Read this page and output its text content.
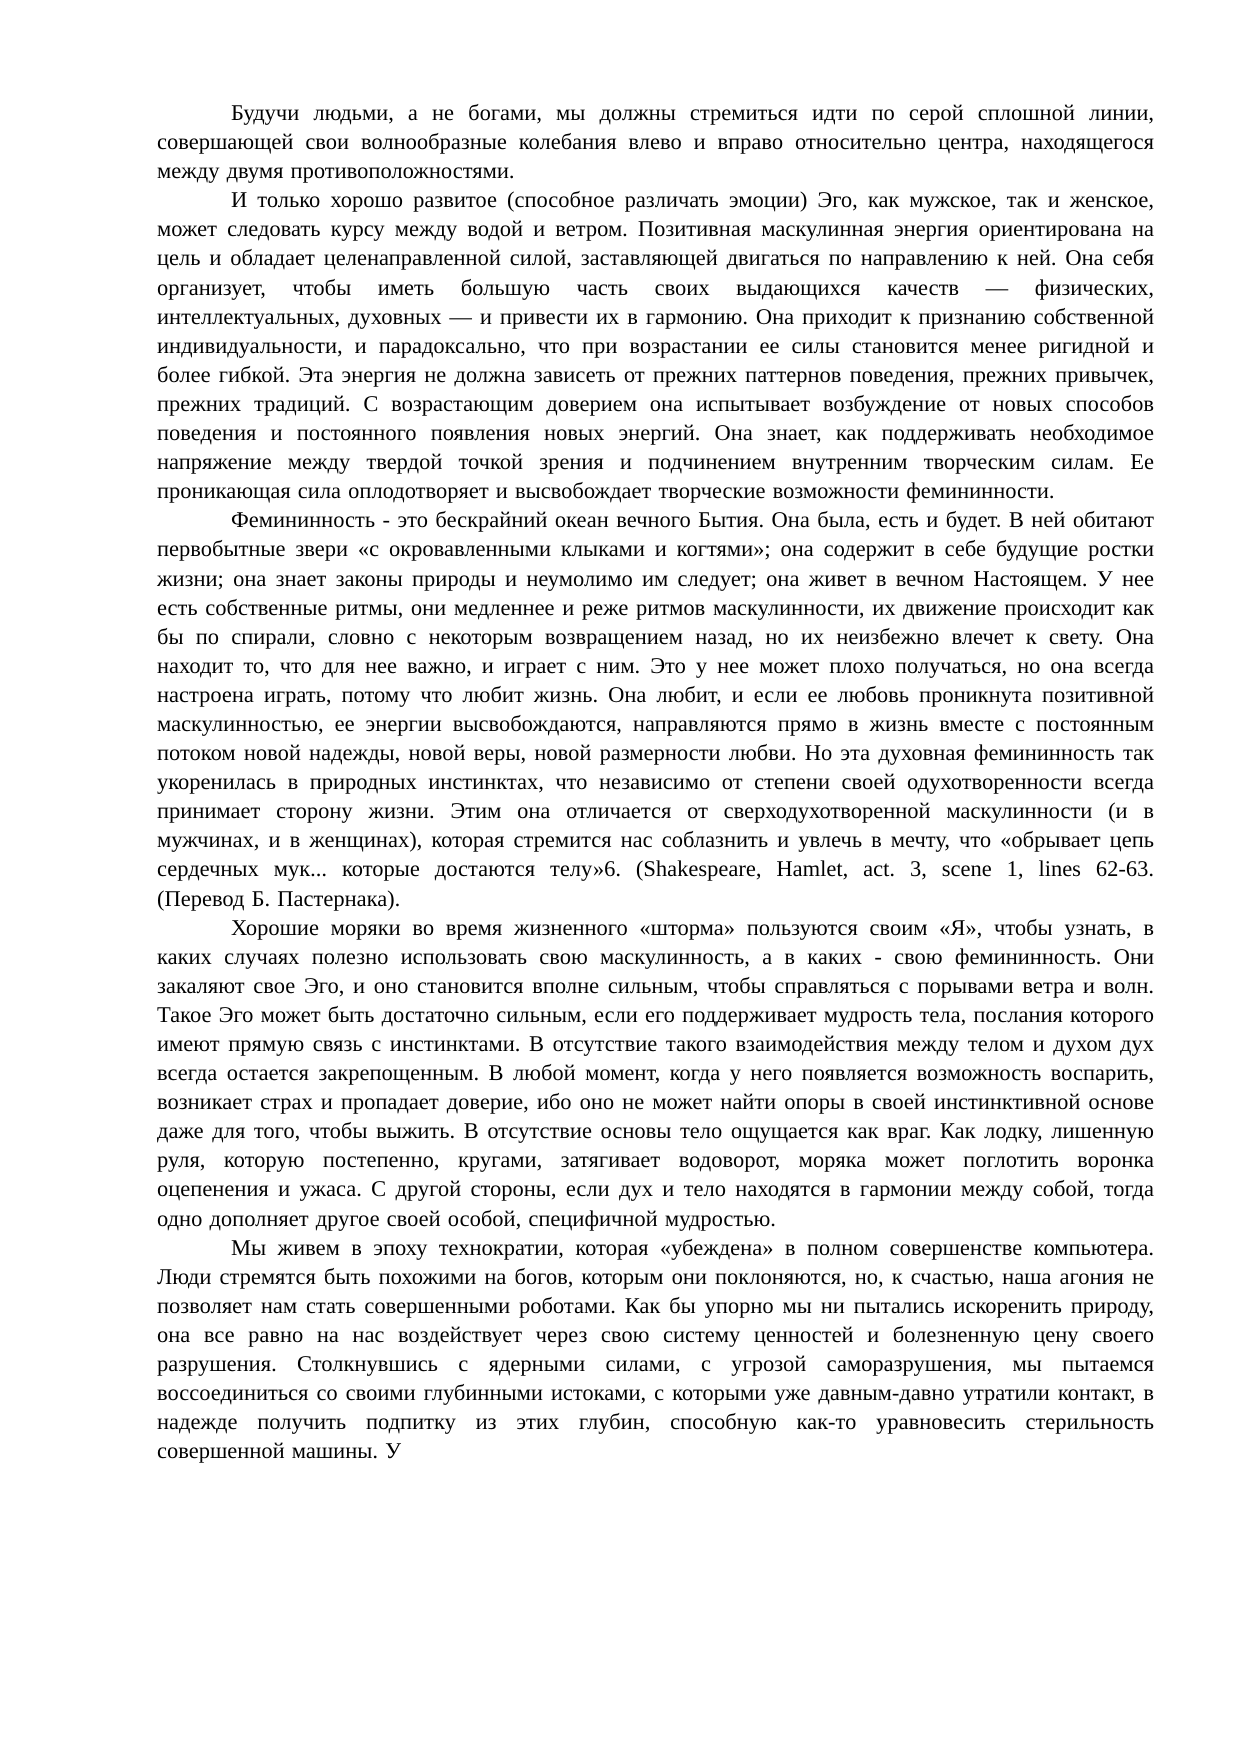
Будучи людьми, а не богами, мы должны стремиться идти по серой сплошной линии, совершающей свои волнообразные колебания влево и вправо относительно центра, находящегося между двумя противоположностями.

И только хорошо развитое (способное различать эмоции) Эго, как мужское, так и женское, может следовать курсу между водой и ветром. Позитивная маскулинная энергия ориентирована на цель и обладает целенаправленной силой, заставляющей двигаться по направлению к ней. Она себя организует, чтобы иметь большую часть своих выдающихся качеств — физических, интеллектуальных, духовных — и привести их в гармонию. Она приходит к признанию собственной индивидуальности, и парадоксально, что при возрастании ее силы становится менее ригидной и более гибкой. Эта энергия не должна зависеть от прежних паттернов поведения, прежних привычек, прежних традиций. С возрастающим доверием она испытывает возбуждение от новых способов поведения и постоянного появления новых энергий. Она знает, как поддерживать необходимое напряжение между твердой точкой зрения и подчинением внутренним творческим силам. Ее проникающая сила оплодотворяет и высвобождает творческие возможности фемининности.

Фемининность - это бескрайний океан вечного Бытия. Она была, есть и будет. В ней обитают первобытные звери «с окровавленными клыками и когтями»; она содержит в себе будущие ростки жизни; она знает законы природы и неумолимо им следует; она живет в вечном Настоящем. У нее есть собственные ритмы, они медленнее и реже ритмов маскулинности, их движение происходит как бы по спирали, словно с некоторым возвращением назад, но их неизбежно влечет к свету. Она находит то, что для нее важно, и играет с ним. Это у нее может плохо получаться, но она всегда настроена играть, потому что любит жизнь. Она любит, и если ее любовь проникнута позитивной маскулинностью, ее энергии высвобождаются, направляются прямо в жизнь вместе с постоянным потоком новой надежды, новой веры, новой размерности любви. Но эта духовная фемининность так укоренилась в природных инстинктах, что независимо от степени своей одухотворенности всегда принимает сторону жизни. Этим она отличается от сверходухотворенной маскулинности (и в мужчинах, и в женщинах), которая стремится нас соблазнить и увлечь в мечту, что «обрывает цепь сердечных мук... которые достаются телу»6. (Shakespeare, Hamlet, act. 3, scene 1, lines 62-63. (Перевод Б. Пастернака).

Хорошие моряки во время жизненного «шторма» пользуются своим «Я», чтобы узнать, в каких случаях полезно использовать свою маскулинность, а в каких - свою фемининность. Они закаляют свое Эго, и оно становится вполне сильным, чтобы справляться с порывами ветра и волн. Такое Эго может быть достаточно сильным, если его поддерживает мудрость тела, послания которого имеют прямую связь с инстинктами. В отсутствие такого взаимодействия между телом и духом дух всегда остается закрепощенным. В любой момент, когда у него появляется возможность воспарить, возникает страх и пропадает доверие, ибо оно не может найти опоры в своей инстинктивной основе даже для того, чтобы выжить. В отсутствие основы тело ощущается как враг. Как лодку, лишенную руля, которую постепенно, кругами, затягивает водоворот, моряка может поглотить воронка оцепенения и ужаса. С другой стороны, если дух и тело находятся в гармонии между собой, тогда одно дополняет другое своей особой, специфичной мудростью.

Мы живем в эпоху технократии, которая «убеждена» в полном совершенстве компьютера. Люди стремятся быть похожими на богов, которым они поклоняются, но, к счастью, наша агония не позволяет нам стать совершенными роботами. Как бы упорно мы ни пытались искоренить природу, она все равно на нас воздействует через свою систему ценностей и болезненную цену своего разрушения. Столкнувшись с ядерными силами, с угрозой саморазрушения, мы пытаемся воссоединиться со своими глубинными истоками, с которыми уже давным-давно утратили контакт, в надежде получить подпитку из этих глубин, способную как-то уравновесить стерильность совершенной машины. У
